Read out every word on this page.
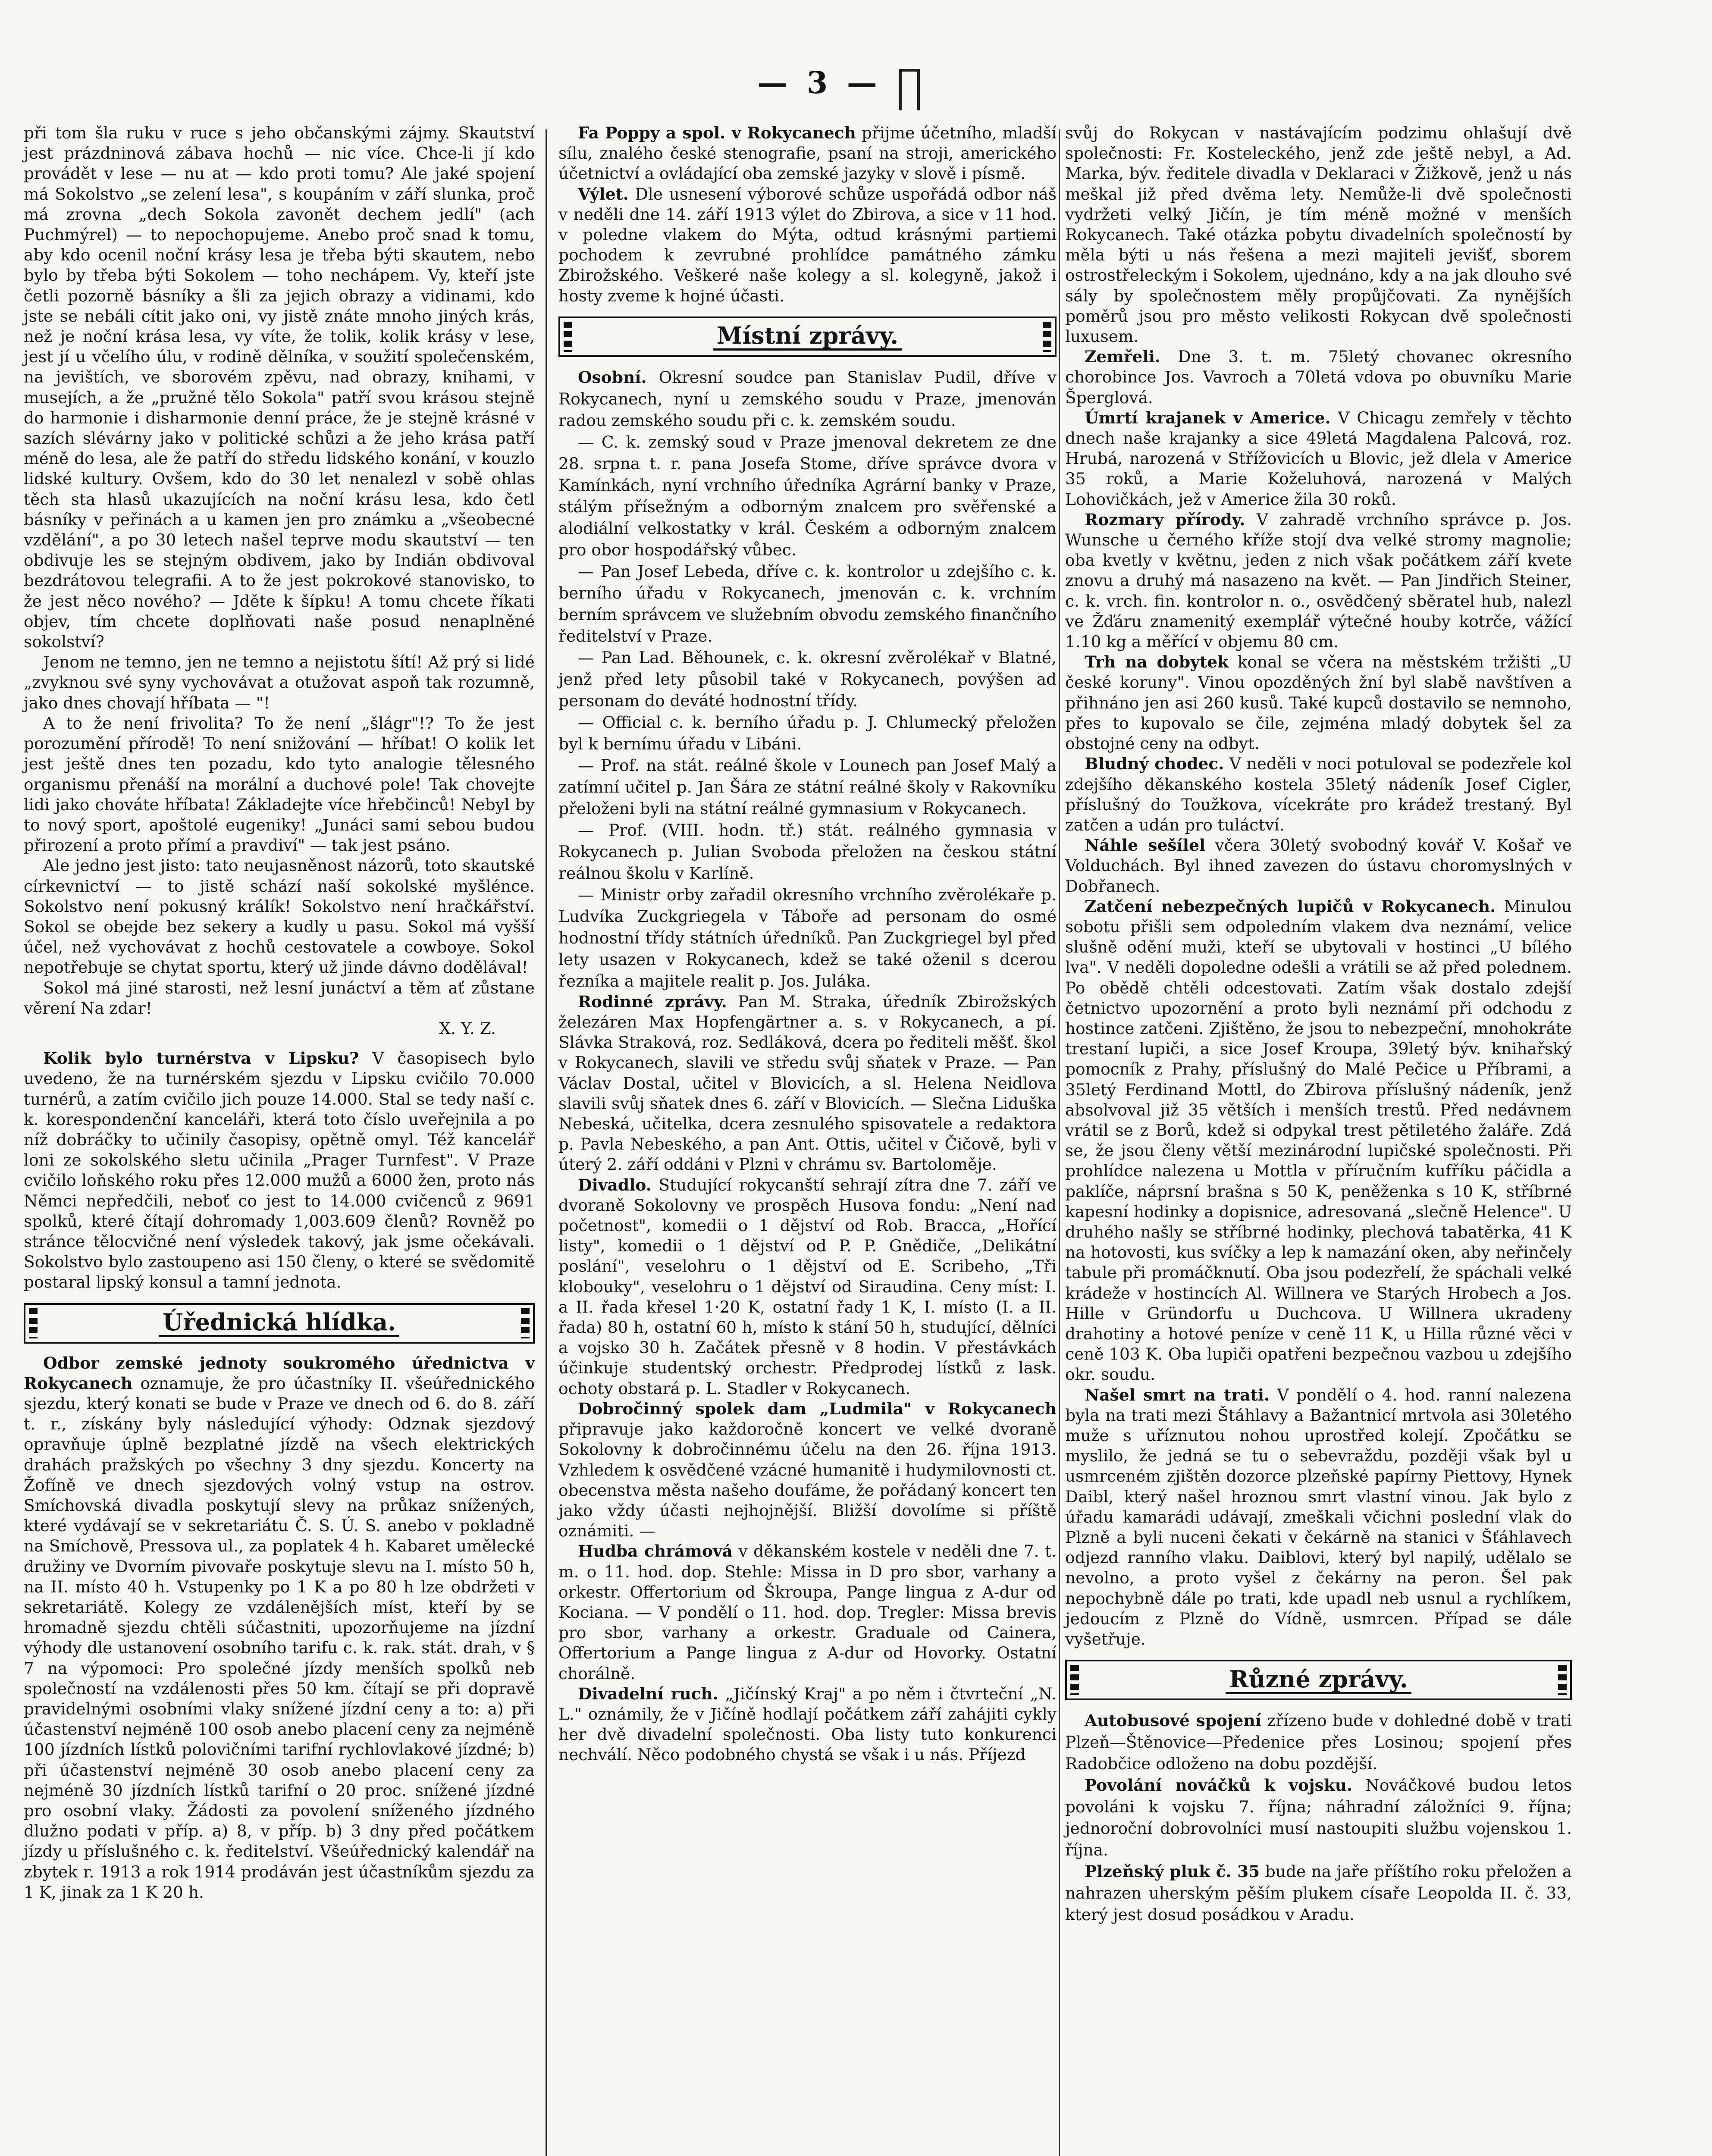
— 3 —

při tom šla ruku v ruce s jeho občanskými zájmy. Skautství jest prázdninová zábava hochů — nic více. Chce-li jí kdo provádět v lese — nu at — kdo proti tomu? Ale jaké spojení má Sokolstvo „se zelení lesa", s koupáním v září slunka, proč má zrovna „dech Sokola zavonět dechem jedlí" (ach Puchmýrel) — to nepochopujeme. Anebo proč snad k tomu, aby kdo ocenil noční krásy lesa je třeba býti skautem, nebo bylo by třeba býti Sokolem — toho nechápem. Vy, kteří jste četli pozorně básníky a šli za jejich obrazy a vidinami, kdo jste se nebáli cítit jako oni, vy jistě znáte mnoho jiných krás, než je noční krása lesa, vy víte, že tolik, kolik krásy v lese, jest jí u včelího úlu, v rodině dělníka, v soužití společenském, na jevištích, ve sborovém zpěvu, nad obrazy, knihami, v musejích, a že „pružné tělo Sokola" patří svou krásou stejně do harmonie i disharmonie denní práce, že je stejně krásné v sazích slévárny jako v politické schůzi a že jeho krása patří méně do lesa, ale že patří do středu lidského konání, v kouzlo lidské kultury. Ovšem, kdo do 30 let nenalezl v sobě ohlas těch sta hlasů ukazujících na noční krásu lesa, kdo četl básníky v peřinách a u kamen jen pro známku a „všeobecné vzdělání", a po 30 letech našel teprve modu skautství — ten obdivuje les se stejným obdivem, jako by Indián obdivoval bezdrátovou telegrafii. A to že jest pokrokové stanovisko, to že jest něco nového? — Jděte k šípku! A tomu chcete říkati objev, tím chcete doplňovati naše posud nenaplněné sokolství?

Jenom ne temno, jen ne temno a nejistotu šítí! Až prý si lidé „zvyknou své syny vychovávat a otužovat aspoň tak rozumně, jako dnes chovají hříbata — "!

A to že není frivolita? To že není „šlágr"!? To že jest porozumění přírodě! To není snižování — hříbat! O kolik let jest ještě dnes ten pozadu, kdo tyto analogie tělesného organismu přenáší na morální a duchové pole! Tak chovejte lidi jako chováte hříbata! Základejte více hřebčinců! Nebyl by to nový sport, apoštolé eugeniky! „Junáci sami sebou budou přirození a proto přímí a pravdiví" — tak jest psáno.

Ale jedno jest jisto: tato neujasněnost názorů, toto skautské církevnictví — to jistě schází naší sokolské myšlénce. Sokolstvo není pokusný králík! Sokolstvo není hračkářství. Sokol se obejde bez sekery a kudly u pasu. Sokol má vyšší účel, než vychovávat z hochů cestovatele a cowboye. Sokol nepotřebuje se chytat sportu, který už jinde dávno dodělával!

Sokol má jiné starosti, než lesní junáctví a těm ať zůstane věrení Na zdar!

X. Y. Z.

Kolik bylo turnérstva v Lipsku? V časopisech bylo uvedeno, že na turnérském sjezdu v Lipsku cvičilo 70.000 turnérů, a zatím cvičilo jich pouze 14.000. Stal se tedy naší c. k. korespondenční kanceláři, která toto číslo uveřejnila a po níž dobráčky to učinily časopisy, opětně omyl. Též kancelář loni ze sokolského sletu učinila „Prager Turnfest". V Praze cvičilo loňského roku přes 12.000 mužů a 6000 žen, proto nás Němci nepředčili, neboť co jest to 14.000 cvičenců z 9691 spolků, které čítají dohromady 1,003.609 členů? Rovněž po stránce tělocvičné není výsledek takový, jak jsme očekávali. Sokolstvo bylo zastoupeno asi 150 členy, o které se svědomitě postaral lipský konsul a tamní jednota.

Úřednická hlídka.

Odbor zemské jednoty soukromého úřednictva v Rokycanech oznamuje, že pro účastníky II. všeúřednického sjezdu, který konati se bude v Praze ve dnech od 6. do 8. září t. r., získány byly následující výhody: Odznak sjezdový opravňuje úplně bezplatné jízdě na všech elektrických drahách pražských po všechny 3 dny sjezdu. Koncerty na Žofíně ve dnech sjezdových volný vstup na ostrov. Smíchovská divadla poskytují slevy na průkaz snížených, které vydávají se v sekretariátu Č. S. Ú. S. anebo v pokladně na Smíchově, Pressova ul., za poplatek 4 h. Kabaret umělecké družiny ve Dvorním pivovaře poskytuje slevu na I. místo 50 h, na II. místo 40 h. Vstupenky po 1 K a po 80 h lze obdržeti v sekretariátě. Kolegy ze vzdálenějších míst, kteří by se hromadně sjezdu chtěli súčastniti, upozorňujeme na jízdní výhody dle ustanovení osobního tarifu c. k. rak. stát. drah, v § 7 na výpomoci: Pro společné jízdy menších spolků neb společností na vzdálenosti přes 50 km. čítají se při dopravě pravidelnými osobními vlaky snížené jízdní ceny a to: a) při účastenství nejméně 100 osob anebo placení ceny za nejméně 100 jízdních lístků polovičními tarifní rychlovlakové jízdné; b) při účastenství nejméně 30 osob anebo placení ceny za nejméně 30 jízdních lístků tarifní o 20 proc. snížené jízdné pro osobní vlaky. Žádosti za povolení sníženého jízdného dlužno podati v příp. a) 8, v příp. b) 3 dny před počátkem jízdy u příslušného c. k. ředitelství. Všeúřednický kalendář na zbytek r. 1913 a rok 1914 prodáván jest účastníkům sjezdu za 1 K, jinak za 1 K 20 h.

Fa Poppy a spol. v Rokycanech přijme účetního, mladší sílu, znalého české stenografie, psaní na stroji, amerického účetnictví a ovládající oba zemské jazyky v slově i písmě.

Výlet. Dle usnesení výborové schůze uspořádá odbor náš v neděli dne 14. září 1913 výlet do Zbirova, a sice v 11 hod. v poledne vlakem do Mýta, odtud krásnými partiemi pochodem k zevrubné prohlídce památného zámku Zbirožského. Veškeré naše kolegy a sl. kolegyně, jakož i hosty zveme k hojné účasti.

Místní zprávy.

Osobní. Okresní soudce pan Stanislav Pudil, dříve v Rokycanech, nyní u zemského soudu v Praze, jmenován radou zemského soudu při c. k. zemském soudu.

— C. k. zemský soud v Praze jmenoval dekretem ze dne 28. srpna t. r. pana Josefa Stome, dříve správce dvora v Kamínkách, nyní vrchního úředníka Agrární banky v Praze, stálým přísežným a odborným znalcem pro svěřenské a alodiální velkostatky v král. Českém a odborným znalcem pro obor hospodářský vůbec.

— Pan Josef Lebeda, dříve c. k. kontrolor u zdejšího c. k. berního úřadu v Rokycanech, jmenován c. k. vrchním berním správcem ve služebním obvodu zemského finančního ředitelství v Praze.

— Pan Lad. Běhounek, c. k. okresní zvěrolékař v Blatné, jenž před lety působil také v Rokycanech, povýšen ad personam do deváté hodnostní třídy.

— Official c. k. berního úřadu p. J. Chlumecký přeložen byl k bernímu úřadu v Libáni.

— Prof. na stát. reálné škole v Lounech pan Josef Malý a zatímní učitel p. Jan Šára ze státní reálné školy v Rakovníku přeloženi byli na státní reálné gymnasium v Rokycanech.

— Prof. (VIII. hodn. tř.) stát. reálného gymnasia v Rokycanech p. Julian Svoboda přeložen na českou státní reálnou školu v Karlíně.

— Ministr orby zařadil okresního vrchního zvěrolékaře p. Ludvíka Zuckgriegela v Táboře ad personam do osmé hodnostní třídy státních úředníků. Pan Zuckgriegel byl před lety usazen v Rokycanech, kdež se také oženil s dcerou řezníka a majitele realit p. Jos. Juláka.

Rodinné zprávy. Pan M. Straka, úředník Zbirožských železáren Max Hopfengärtner a. s. v Rokycanech, a pí. Slávka Straková, roz. Sedláková, dcera po řediteli měšť. škol v Rokycanech, slavili ve středu svůj sňatek v Praze. — Pan Václav Dostal, učitel v Blovicích, a sl. Helena Neidlova slavili svůj sňatek dnes 6. září v Blovicích. — Slečna Liduška Nebeská, učitelka, dcera zesnulého spisovatele a redaktora p. Pavla Nebeského, a pan Ant. Ottis, učitel v Čičově, byli v úterý 2. září oddáni v Plzni v chrámu sv. Bartoloměje.

Divadlo. Studující rokycanští sehrají zítra dne 7. září ve dvoraně Sokolovny ve prospěch Husova fondu: „Není nad početnost", komedii o 1 dějství od Rob. Bracca, „Hořící listy", komedii o 1 dějství od P. P. Gnědiče, „Delikátní poslání", veselohru o 1 dějství od E. Scribeho, „Tři klobouky", veselohru o 1 dějství od Siraudina. Ceny míst: I. a II. řada křesel 1·20 K, ostatní řady 1 K, I. místo (I. a II. řada) 80 h, ostatní 60 h, místo k stání 50 h, studující, dělníci a vojsko 30 h. Začátek přesně v 8 hodin. V přestávkách účinkuje studentský orchestr. Předprodej lístků z lask. ochoty obstará p. L. Stadler v Rokycanech.

Dobročinný spolek dam „Ludmila" v Rokycanech připravuje jako každoročně koncert ve velké dvoraně Sokolovny k dobročinnému účelu na den 26. října 1913. Vzhledem k osvědčené vzácné humanitě i hudymilovnosti ct. obecenstva města našeho doufáme, že pořádaný koncert ten jako vždy účasti nejhojnější. Bližší dovolíme si příště oznámiti. —

Hudba chrámová v děkanském kostele v neděli dne 7. t. m. o 11. hod. dop. Stehle: Missa in D pro sbor, varhany a orkestr. Offertorium od Škroupa, Pange lingua z A-dur od Kociana. — V pondělí o 11. hod. dop. Tregler: Missa brevis pro sbor, varhany a orkestr. Graduale od Cainera, Offertorium a Pange lingua z A-dur od Hovorky. Ostatní chorálně.

Divadelní ruch. „Jičínský Kraj" a po něm i čtvrteční „N. L." oznámily, že v Jičíně hodlají počátkem září zahájiti cykly her dvě divadelní společnosti. Oba listy tuto konkurenci nechválí. Něco podobného chystá se však i u nás. Příjezd

svůj do Rokycan v nastávajícím podzimu ohlašují dvě společnosti: Fr. Kosteleckého, jenž zde ještě nebyl, a Ad. Marka, býv. ředitele divadla v Deklaraci v Žižkově, jenž u nás meškal již před dvěma lety. Nemůže-li dvě společnosti vydržeti velký Jičín, je tím méně možné v menších Rokycanech. Také otázka pobytu divadelních společností by měla býti u nás řešena a mezi majiteli jevišť, sborem ostrostřeleckým i Sokolem, ujednáno, kdy a na jak dlouho své sály by společnostem měly propůjčovati. Za nynějších poměrů jsou pro město velikosti Rokycan dvě společnosti luxusem.

Zemřeli. Dne 3. t. m. 75letý chovanec okresního chorobince Jos. Vavroch a 70letá vdova po obuvníku Marie Šperglová.

Úmrtí krajanek v Americe. V Chicagu zemřely v těchto dnech naše krajanky a sice 49letá Magdalena Palcová, roz. Hrubá, narozená v Střížovicích u Blovic, jež dlela v Americe 35 roků, a Marie Koželuhová, narozená v Malých Lohovičkách, jež v Americe žila 30 roků.

Rozmary přírody. V zahradě vrchního správce p. Jos. Wunsche u černého kříže stojí dva velké stromy magnolie; oba kvetly v květnu, jeden z nich však počátkem září kvete znovu a druhý má nasazeno na květ. — Pan Jindřich Steiner, c. k. vrch. fin. kontrolor n. o., osvědčený sběratel hub, nalezl ve Žďáru znamenitý exemplář výtečné houby kotrče, vážící 1.10 kg a měřící v objemu 80 cm.

Trh na dobytek konal se včera na městském tržišti „U české koruny". Vinou opozděných žní byl slabě navštíven a přihnáno jen asi 260 kusů. Také kupců dostavilo se nemnoho, přes to kupovalo se čile, zejména mladý dobytek šel za obstojné ceny na odbyt.

Bludný chodec. V neděli v noci potuloval se podezřele kol zdejšího děkanského kostela 35letý nádeník Josef Cigler, příslušný do Toužkova, vícekráte pro krádež trestaný. Byl zatčen a udán pro tuláctví.

Náhle sešílel včera 30letý svobodný kovář V. Košař ve Volduchách. Byl ihned zavezen do ústavu choromyslných v Dobřanech.

Zatčení nebezpečných lupičů v Rokycanech. Minulou sobotu přišli sem odpoledním vlakem dva neznámí, velice slušně odění muži, kteří se ubytovali v hostinci „U bílého lva". V neděli dopoledne odešli a vrátili se až před polednem. Po obědě chtěli odcestovati. Zatím však dostalo zdejší četnictvo upozornění a proto byli neznámí při odchodu z hostince zatčeni. Zjištěno, že jsou to nebezpeční, mnohokráte trestaní lupiči, a sice Josef Kroupa, 39letý býv. knihařský pomocník z Prahy, příslušný do Malé Pečice u Příbrami, a 35letý Ferdinand Mottl, do Zbirova příslušný nádeník, jenž absolvoval již 35 větších i menších trestů. Před nedávnem vrátil se z Borů, kdež si odpykal trest pětiletého žaláře. Zdá se, že jsou členy větší mezinárodní lupičské společnosti. Při prohlídce nalezena u Mottla v příručním kufříku páčidla a paklíče, náprsní brašna s 50 K, peněženka s 10 K, stříbrné kapesní hodinky a dopisnice, adresovaná „slečně Helence". U druhého našly se stříbrné hodinky, plechová tabatěrka, 41 K na hotovosti, kus svíčky a lep k namazání oken, aby neřinčely tabule při promáčknutí. Oba jsou podezřelí, že spáchali velké krádeže v hostincích Al. Willnera ve Starých Hrobech a Jos. Hille v Gründorfu u Duchcova. U Willnera ukradeny drahotiny a hotové peníze v ceně 11 K, u Hilla různé věci v ceně 103 K. Oba lupiči opatřeni bezpečnou vazbou u zdejšího okr. soudu.

Našel smrt na trati. V pondělí o 4. hod. ranní nalezena byla na trati mezi Štáhlavy a Bažantnicí mrtvola asi 30letého muže s uříznutou nohou uprostřed kolejí. Zpočátku se myslilo, že jedná se tu o sebevraždu, později však byl u usmrceném zjištěn dozorce plzeňské papírny Piettovy, Hynek Daibl, který našel hroznou smrt vlastní vinou. Jak bylo z úřadu kamarádi udávají, zmeškali včichni poslední vlak do Plzně a byli nuceni čekati v čekárně na stanici v Šťáhlavech odjezd ranního vlaku. Daiblovi, který byl napilý, udělalo se nevolno, a proto vyšel z čekárny na peron. Šel pak nepochybně dále po trati, kde upadl neb usnul a rychlíkem, jedoucím z Plzně do Vídně, usmrcen. Případ se dále vyšetřuje.

Různé zprávy.

Autobusové spojení zřízeno bude v dohledné době v trati Plzeň—Štěnovice—Předenice přes Losinou; spojení přes Radobčice odloženo na dobu pozdější.

Povolání nováčků k vojsku. Nováčkové budou letos povoláni k vojsku 7. října; náhradní záložníci 9. října; jednoroční dobrovolníci musí nastoupiti službu vojenskou 1. října.

Plzeňský pluk č. 35 bude na jaře příštího roku přeložen a nahrazen uherským pěším plukem císaře Leopolda II. č. 33, který jest dosud posádkou v Aradu.
